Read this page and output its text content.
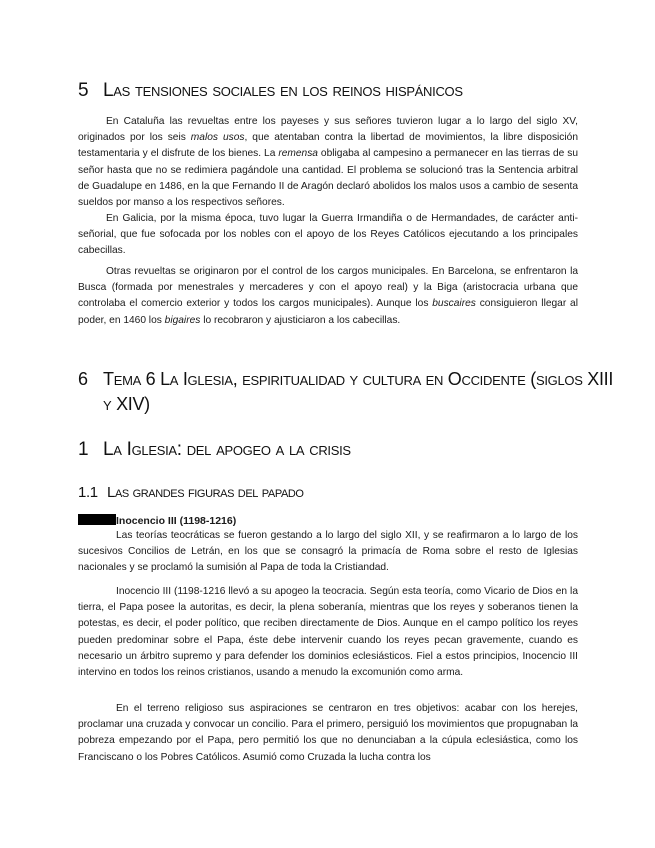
5 Las tensiones sociales en los reinos hispánicos

En Cataluña las revueltas entre los payeses y sus señores tuvieron lugar a lo largo del siglo XV, originados por los seis malos usos, que atentaban contra la libertad de movimientos, la libre disposición testamentaria y el disfrute de los bienes. La remensa obligaba al campesino a permanecer en las tierras de su señor hasta que no se redimiera pagándole una cantidad. El problema se solucionó tras la Sentencia arbitral de Guadalupe en 1486, en la que Fernando II de Aragón declaró abolidos los malos usos a cambio de sesenta sueldos por manso a los respectivos señores.

En Galicia, por la misma época, tuvo lugar la Guerra Irmandiña o de Hermandades, de carácter anti-señorial, que fue sofocada por los nobles con el apoyo de los Reyes Católicos ejecutando a los principales cabecillas.

Otras revueltas se originaron por el control de los cargos municipales. En Barcelona, se enfrentaron la Busca (formada por menestrales y mercaderes y con el apoyo real) y la Biga (aristocracia urbana que controlaba el comercio exterior y todos los cargos municipales). Aunque los buscaires consiguieron llegar al poder, en 1460 los bigaires lo recobraron y ajusticiaron a los cabecillas.

6 Tema 6 La Iglesia, espiritualidad y cultura en Occidente (siglos XIII
y XIV)
1 La Iglesia: del apogeo a la crisis
1.1 Las grandes figuras del papado
Inocencio III (1198-1216)

Las teorías teocráticas se fueron gestando a lo largo del siglo XII, y se reafirmaron a lo largo de los sucesivos Concilios de Letrán, en los que se consagró la primacía de Roma sobre el resto de Iglesias nacionales y se proclamó la sumisión al Papa de toda la Cristiandad.

Inocencio III (1198-1216 llevó a su apogeo la teocracia. Según esta teoría, como Vicario de Dios en la tierra, el Papa posee la autoritas, es decir, la plena soberanía, mientras que los reyes y soberanos tienen la potestas, es decir, el poder político, que reciben directamente de Dios. Aunque en el campo político los reyes pueden predominar sobre el Papa, éste debe intervenir cuando los reyes pecan gravemente, cuando es necesario un árbitro supremo y para defender los dominios eclesiásticos. Fiel a estos principios, Inocencio III intervino en todos los reinos cristianos, usando a menudo la excomunión como arma.

En el terreno religioso sus aspiraciones se centraron en tres objetivos: acabar con los herejes, proclamar una cruzada y convocar un concilio. Para el primero, persiguió los movimientos que propugnaban la pobreza empezando por el Papa, pero permitió los que no denunciaban a la cúpula eclesiástica, como los Franciscano o los Pobres Católicos. Asumió como Cruzada la lucha contra los
